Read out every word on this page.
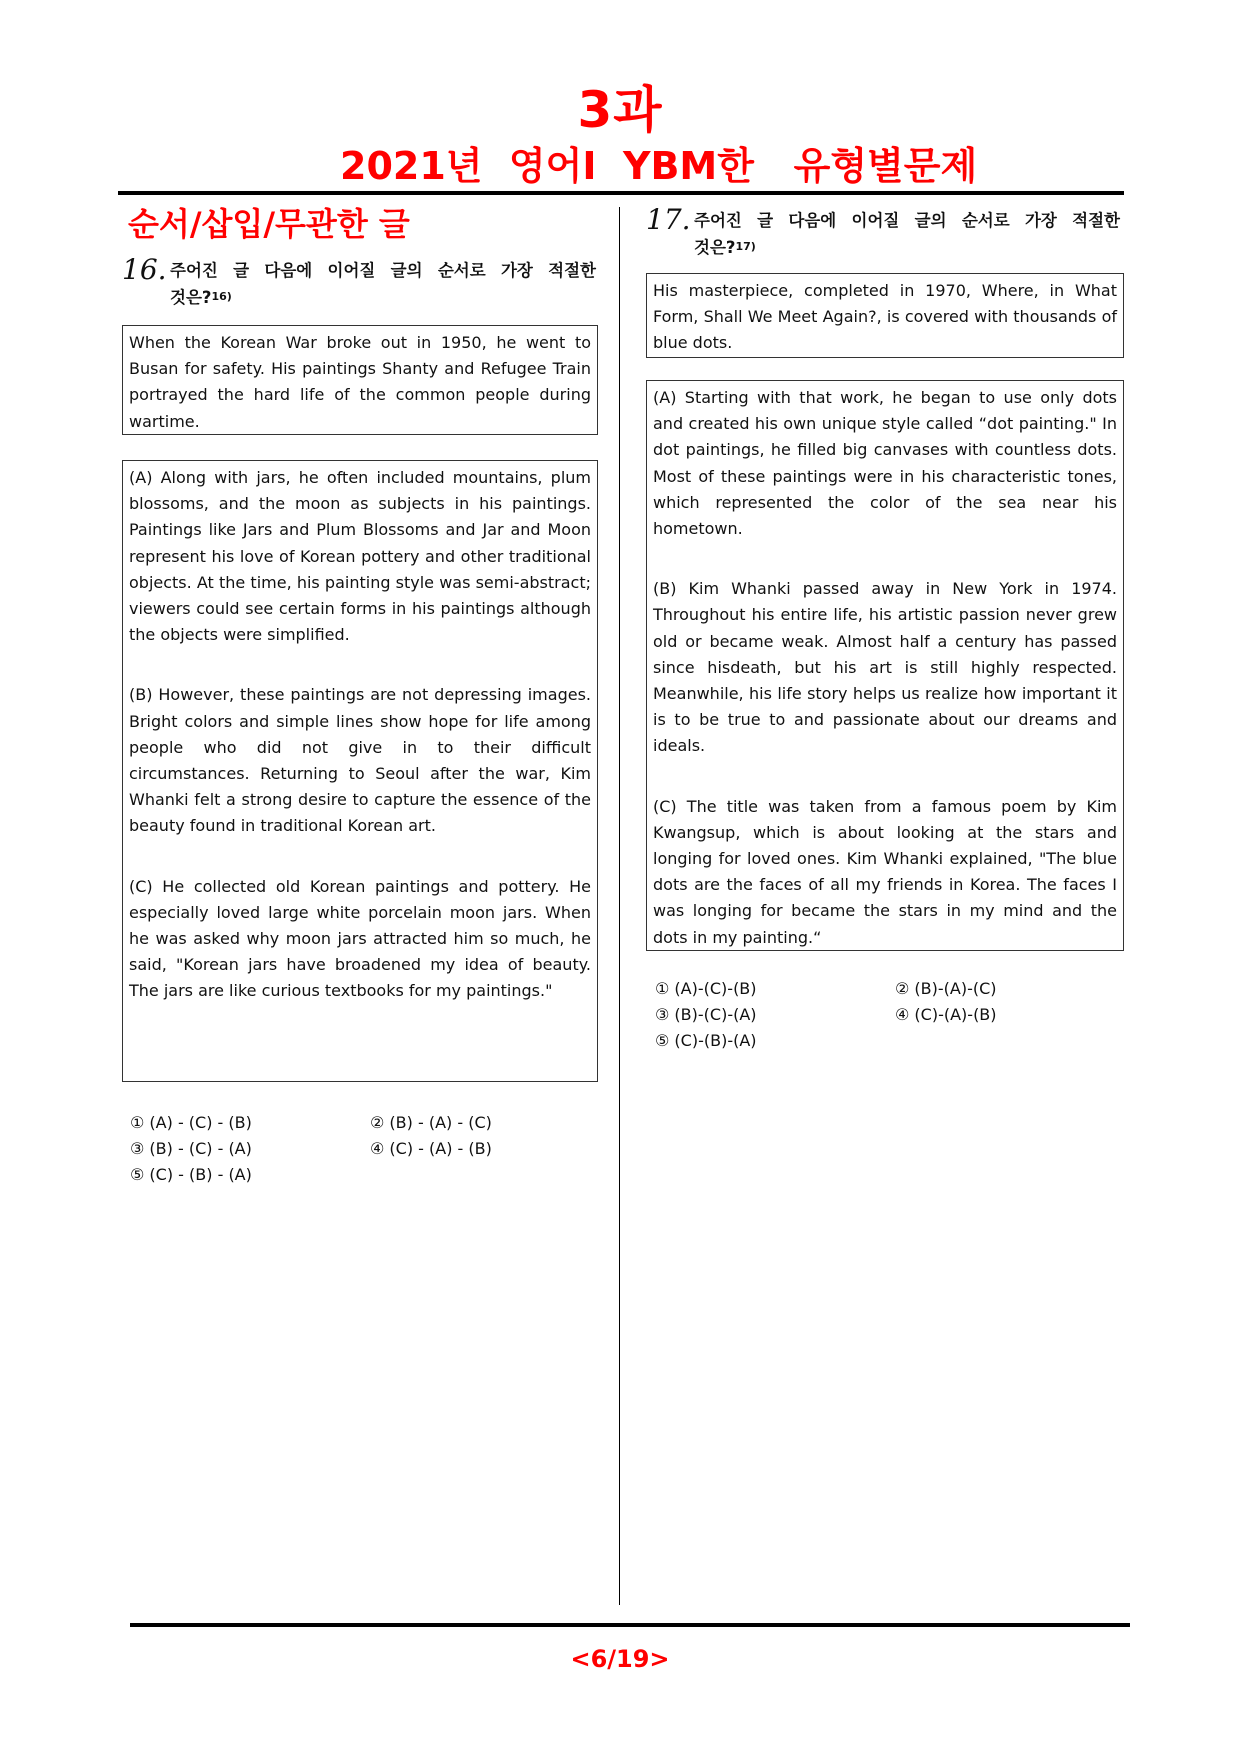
3과
2021년  영어Ⅰ  YBM한   유형별문제
순서/삽입/무관한 글
16. 주어진 글 다음에 이어질 글의 순서로 가장 적절한 것은?$^{16)}$

When the Korean War broke out in 1950, he went to Busan for safety. His paintings Shanty and Refugee Train portrayed the hard life of the common people during wartime.

(A) Along with jars, he often included mountains, plum blossoms, and the moon as subjects in his paintings. Paintings like Jars and Plum Blossoms and Jar and Moon represent his love of Korean pottery and other traditional objects. At the time, his painting style was semi-abstract; viewers could see certain forms in his paintings although the objects were simplified.

(B) However, these paintings are not depressing images. Bright colors and simple lines show hope for life among people who did not give in to their difficult circumstances. Returning to Seoul after the war, Kim Whanki felt a strong desire to capture the essence of the beauty found in traditional Korean art.

(C) He collected old Korean paintings and pottery. He especially loved large white porcelain moon jars. When he was asked why moon jars attracted him so much, he said, "Korean jars have broadened my idea of beauty. The jars are like curious textbooks for my paintings."

① (A) - (C) - (B)	② (B) - (A) - (C)
③ (B) - (C) - (A)	④ (C) - (A) - (B)
⑤ (C) - (B) - (A)
17. 주어진 글 다음에 이어질 글의 순서로 가장 적절한 것은?$^{17)}$

His masterpiece, completed in 1970, Where, in What Form, Shall We Meet Again?, is covered with thousands of blue dots.

(A) Starting with that work, he began to use only dots and created his own unique style called “dot painting." In dot paintings, he filled big canvases with countless dots. Most of these paintings were in his characteristic tones, which represented the color of the sea near his hometown.

(B) Kim Whanki passed away in New York in 1974. Throughout his entire life, his artistic passion never grew old or became weak. Almost half a century has passed since hisdeath, but his art is still highly respected. Meanwhile, his life story helps us realize how important it is to be true to and passionate about our dreams and ideals.

(C) The title was taken from a famous poem by Kim Kwangsup, which is about looking at the stars and longing for loved ones. Kim Whanki explained, "The blue dots are the faces of all my friends in Korea. The faces I was longing for became the stars in my mind and the dots in my painting.“

① (A)-(C)-(B)	② (B)-(A)-(C)
③ (B)-(C)-(A)	④ (C)-(A)-(B)
⑤ (C)-(B)-(A)
<6/19>
